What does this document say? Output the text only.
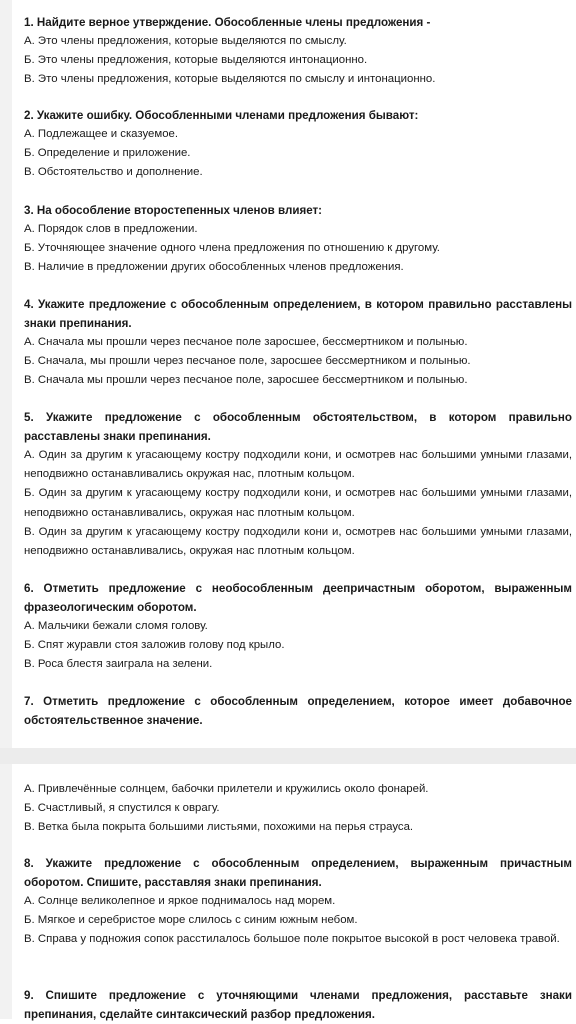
1. Найдите верное утверждение. Обособленные члены предложения -

А. Это члены предложения, которые выделяются по смыслу.

Б. Это члены предложения, которые выделяются интонационно.

В. Это члены предложения, которые выделяются по смыслу и интонационно.

2. Укажите ошибку. Обособленными членами предложения бывают:

А. Подлежащее и сказуемое.

Б. Определение и приложение.

В. Обстоятельство и дополнение.

3. На обособление второстепенных членов влияет:

А. Порядок слов в предложении.

Б. Уточняющее значение одного члена предложения по отношению к другому.

В. Наличие в предложении других обособленных членов предложения.

4. Укажите предложение с обособленным определением, в котором правильно расставлены знаки препинания.

А. Сначала мы прошли через песчаное поле заросшее, бессмертником и полынью.

Б. Сначала, мы прошли через песчаное поле, заросшее бессмертником и полынью.

В. Сначала мы прошли через песчаное поле, заросшее бессмертником и полынью.

5. Укажите предложение с обособленным обстоятельством, в котором правильно расставлены знаки препинания.

А. Один за другим к угасающему костру подходили кони, и осмотрев нас большими умными глазами, неподвижно останавливались окружая нас, плотным кольцом.

Б. Один за другим к угасающему костру подходили кони, и осмотрев нас большими умными глазами, неподвижно останавливались, окружая нас плотным кольцом.

В. Один за другим к угасающему костру подходили кони и, осмотрев нас большими умными глазами, неподвижно останавливались, окружая нас плотным кольцом.

6. Отметить предложение с необособленным деепричастным оборотом, выраженным фразеологическим оборотом.

А. Мальчики бежали сломя голову.

Б. Спят журавли стоя заложив голову под крыло.

В. Роса блестя заиграла на зелени.

7. Отметить предложение с обособленным определением, которое имеет добавочное обстоятельственное значение.

А. Привлечённые солнцем, бабочки прилетели и кружились около фонарей.

Б. Счастливый, я спустился к оврагу.

В. Ветка была покрыта большими листьями, похожими на перья страуса.

8. Укажите предложение с обособленным определением, выраженным причастным оборотом. Спишите, расставляя знаки препинания.

А. Солнце великолепное и яркое поднималось над морем.

Б. Мягкое и серебристое море слилось с синим южным небом.

В. Справа у подножия сопок расстилалось большое поле покрытое высокой в рост человека травой.

9. Спишите предложение с уточняющими членами предложения, расставьте знаки препинания, сделайте синтаксический разбор предложения.
